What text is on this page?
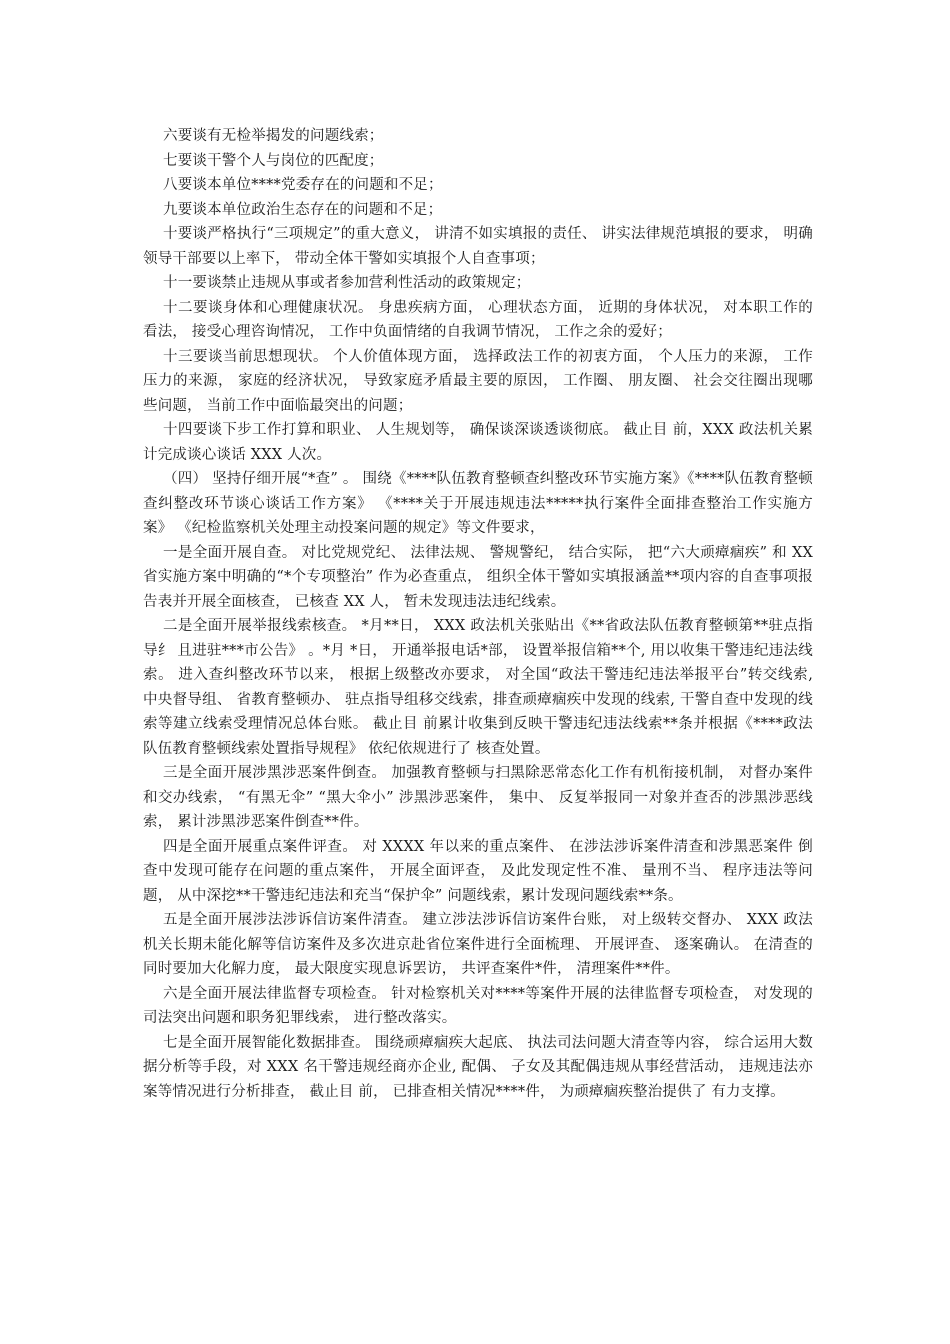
六要谈有无检举揭发的问题线索；

七要谈干警个人与岗位的匹配度；

八要谈本单位****党委存在的问题和不足；

九要谈本单位政治生态存在的问题和不足；

十要谈严格执行“三项规定”的重大意义， 讲清不如实填报的责任、 讲实法律规范填报的要求， 明确领导干部要以上率下， 带动全体干警如实填报个人自查事项；

十一要谈禁止违规从事或者参加营利性活动的政策规定；

十二要谈身体和心理健康状况。 身患疾病方面， 心理状态方面， 近期的身体状况， 对本职工作的看法， 接受心理咨询情况， 工作中负面情绪的自我调节情况， 工作之余的爱好；

十三要谈当前思想现状。 个人价值体现方面， 选择政法工作的初衷方面， 个人压力的来源， 工作压力的来源， 家庭的经济状况， 导致家庭矛盾最主要的原因， 工作圈、 朋友圈、 社会交往圈出现哪些问题， 当前工作中面临最突出的问题；

十四要谈下步工作打算和职业、 人生规划等， 确保谈深谈透谈彻底。 截止目 前，XXX 政法机关累计完成谈心谈话 XXX 人次。

（四） 坚持仔细开展“*查” 。 围绕《****队伍教育整顿查纠整改环节实施方案》《****队伍教育整顿查纠整改环节谈心谈话工作方案》 《****关于开展违规违法*****执行案件全面排查整治工作实施方案》 《纪检监察机关处理主动投案问题的规定》等文件要求，

一是全面开展自查。 对比党规党纪、 法律法规、 警规警纪， 结合实际， 把“六大顽瘴痼疾” 和 XX 省实施方案中明确的“*个专项整治” 作为必查重点， 组织全体干警如实填报涵盖**项内容的自查事项报告表并开展全面核查， 已核查 XX 人， 暂未发现违法违纪线索。

二是全面开展举报线索核查。 *月**日， XXX 政法机关张贴出《**省政法队伍教育整顿第**驻点指导纟 且进驻***市公告》 。*月 *日， 开通举报电话*部， 设置举报信箱**个, 用以收集干警违纪违法线索。 进入查纠整改环节以来， 根据上级整改亦要求， 对全国“政法干警违纪违法举报平台”转交线索, 中央督导组、 省教育整顿办、 驻点指导组移交线索，排查顽瘴痼疾中发现的线索, 干警自查中发现的线索等建立线索受理情况总体台账。 截止目 前累计收集到反映干警违纪违法线索**条并根据《****政法队伍教育整顿线索处置指导规程》 依纪依规进行了 核查处置。

三是全面开展涉黑涉恶案件倒查。 加强教育整顿与扫黑除恶常态化工作有机衔接机制， 对督办案件和交办线索， “有黑无伞” “黑大伞小” 涉黑涉恶案件， 集中、 反复举报同一对象并查否的涉黑涉恶线索， 累计涉黑涉恶案件倒查**件。

四是全面开展重点案件评查。 对 XXXX 年以来的重点案件、 在涉法涉诉案件清查和涉黑恶案件 倒查中发现可能存在问题的重点案件， 开展全面评查， 及此发现定性不准、 量刑不当、 程序违法等问题， 从中深挖**干警违纪违法和充当“保护伞” 问题线索，累计发现问题线索**条。

五是全面开展涉法涉诉信访案件清查。 建立涉法涉诉信访案件台账， 对上级转交督办、 XXX 政法机关长期未能化解等信访案件及多次进京赴省位案件进行全面梳理、 开展评查、 逐案确认。 在清查的同时要加大化解力度， 最大限度实现息诉罢访， 共评查案件*件， 清理案件**件。

六是全面开展法律监督专项检查。 针对检察机关对****等案件开展的法律监督专项检查， 对发现的司法突出问题和职务犯罪线索， 进行整改落实。

七是全面开展智能化数据排查。 围绕顽瘴痼疾大起底、 执法司法问题大清查等内容， 综合运用大数据分析等手段，对 XXX 名干警违规经商亦企业, 配偶、 子女及其配偶违规从事经营活动， 违规违法亦案等情况进行分析排查， 截止目 前， 已排查相关情况****件， 为顽瘴痼疾整治提供了 有力支撑。
